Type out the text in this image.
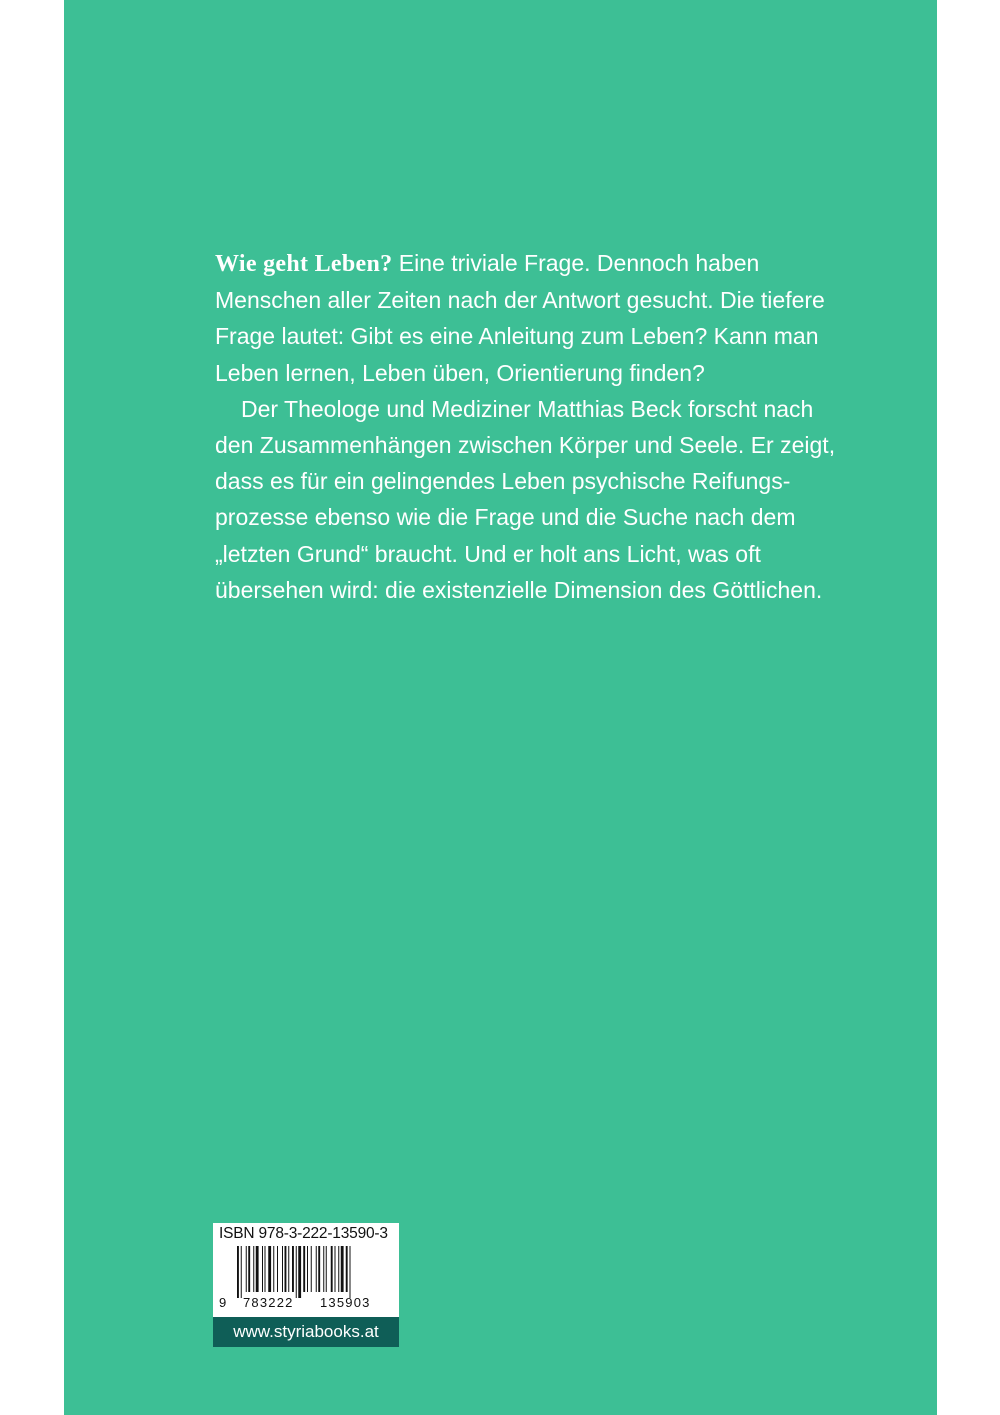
Wie geht Leben? Eine triviale Frage. Dennoch haben

Menschen aller Zeiten nach der Antwort gesucht. Die tiefere

Frage lautet: Gibt es eine Anleitung zum Leben? Kann man

Leben lernen, Leben üben, Orientierung finden?

Der Theologe und Mediziner Matthias Beck forscht nach

den Zusammenhängen zwischen Körper und Seele. Er zeigt,

dass es für ein gelingendes Leben psychische Reifungs-

prozesse ebenso wie die Frage und die Suche nach dem

„letzten Grund“ braucht. Und er holt ans Licht, was oft

übersehen wird: die existenzielle Dimension des Göttlichen.

ISBN 978-3-222-13590-3
9 783222 135903
www.styriabooks.at
